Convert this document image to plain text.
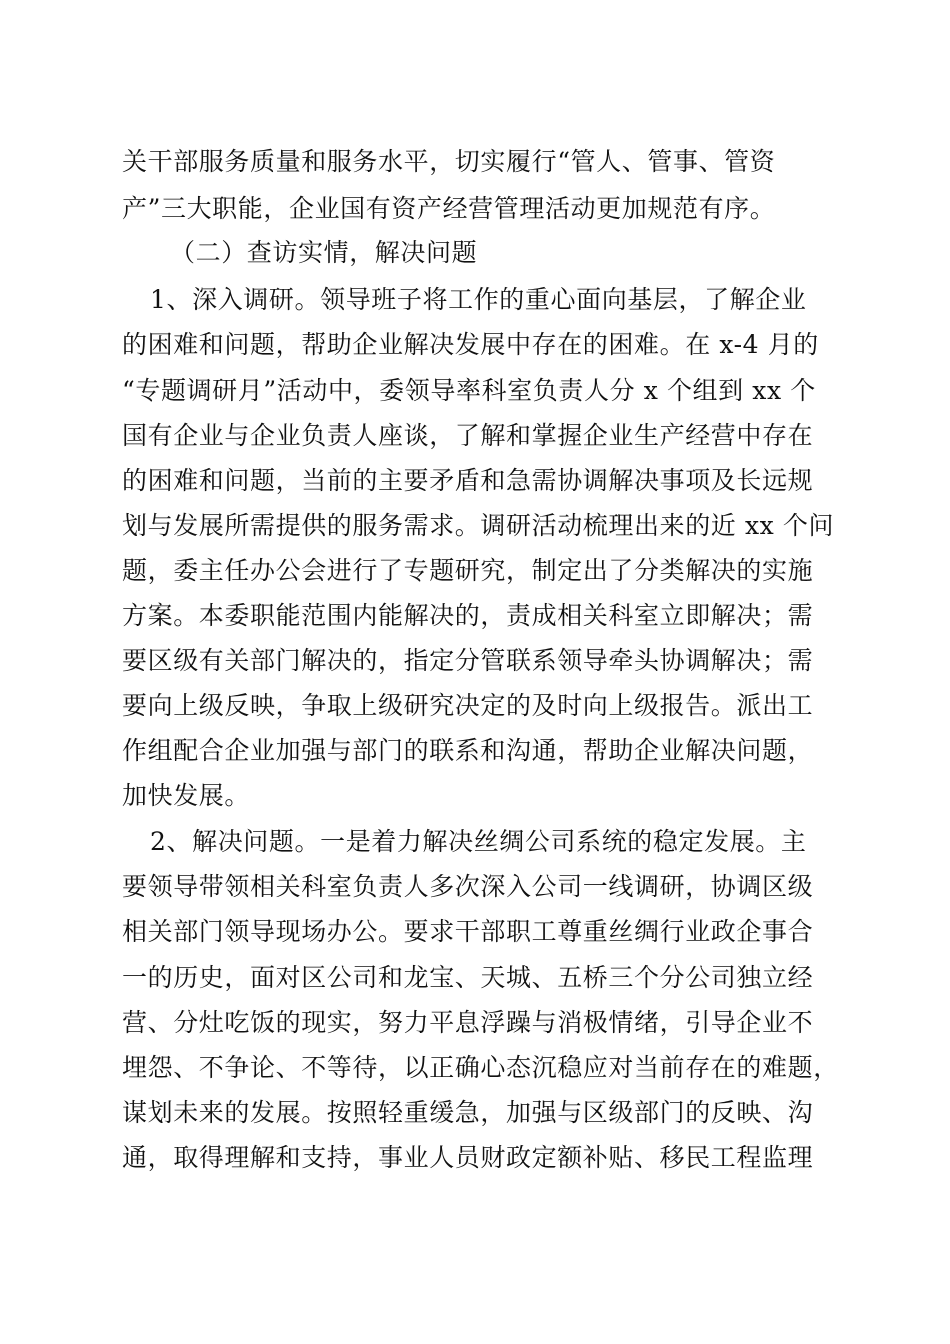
关干部服务质量和服务水平，切实履行“管人、管事、管资
产”三大职能，企业国有资产经营管理活动更加规范有序。
（二）查访实情，解决问题
1、深入调研。领导班子将工作的重心面向基层，了解企业
的困难和问题，帮助企业解决发展中存在的困难。在 x-4 月的
“专题调研月”活动中，委领导率科室负责人分 x 个组到 xx 个
国有企业与企业负责人座谈，了解和掌握企业生产经营中存在
的困难和问题，当前的主要矛盾和急需协调解决事项及长远规
划与发展所需提供的服务需求。调研活动梳理出来的近 xx 个问
题，委主任办公会进行了专题研究，制定出了分类解决的实施
方案。本委职能范围内能解决的，责成相关科室立即解决；需
要区级有关部门解决的，指定分管联系领导牵头协调解决；需
要向上级反映，争取上级研究决定的及时向上级报告。派出工
作组配合企业加强与部门的联系和沟通，帮助企业解决问题，
加快发展。
2、解决问题。一是着力解决丝绸公司系统的稳定发展。主
要领导带领相关科室负责人多次深入公司一线调研，协调区级
相关部门领导现场办公。要求干部职工尊重丝绸行业政企事合
一的历史，面对区公司和龙宝、天城、五桥三个分公司独立经
营、分灶吃饭的现实，努力平息浮躁与消极情绪，引导企业不
埋怨、不争论、不等待，以正确心态沉稳应对当前存在的难题，
谋划未来的发展。按照轻重缓急，加强与区级部门的反映、沟
通，取得理解和支持，事业人员财政定额补贴、移民工程监理
